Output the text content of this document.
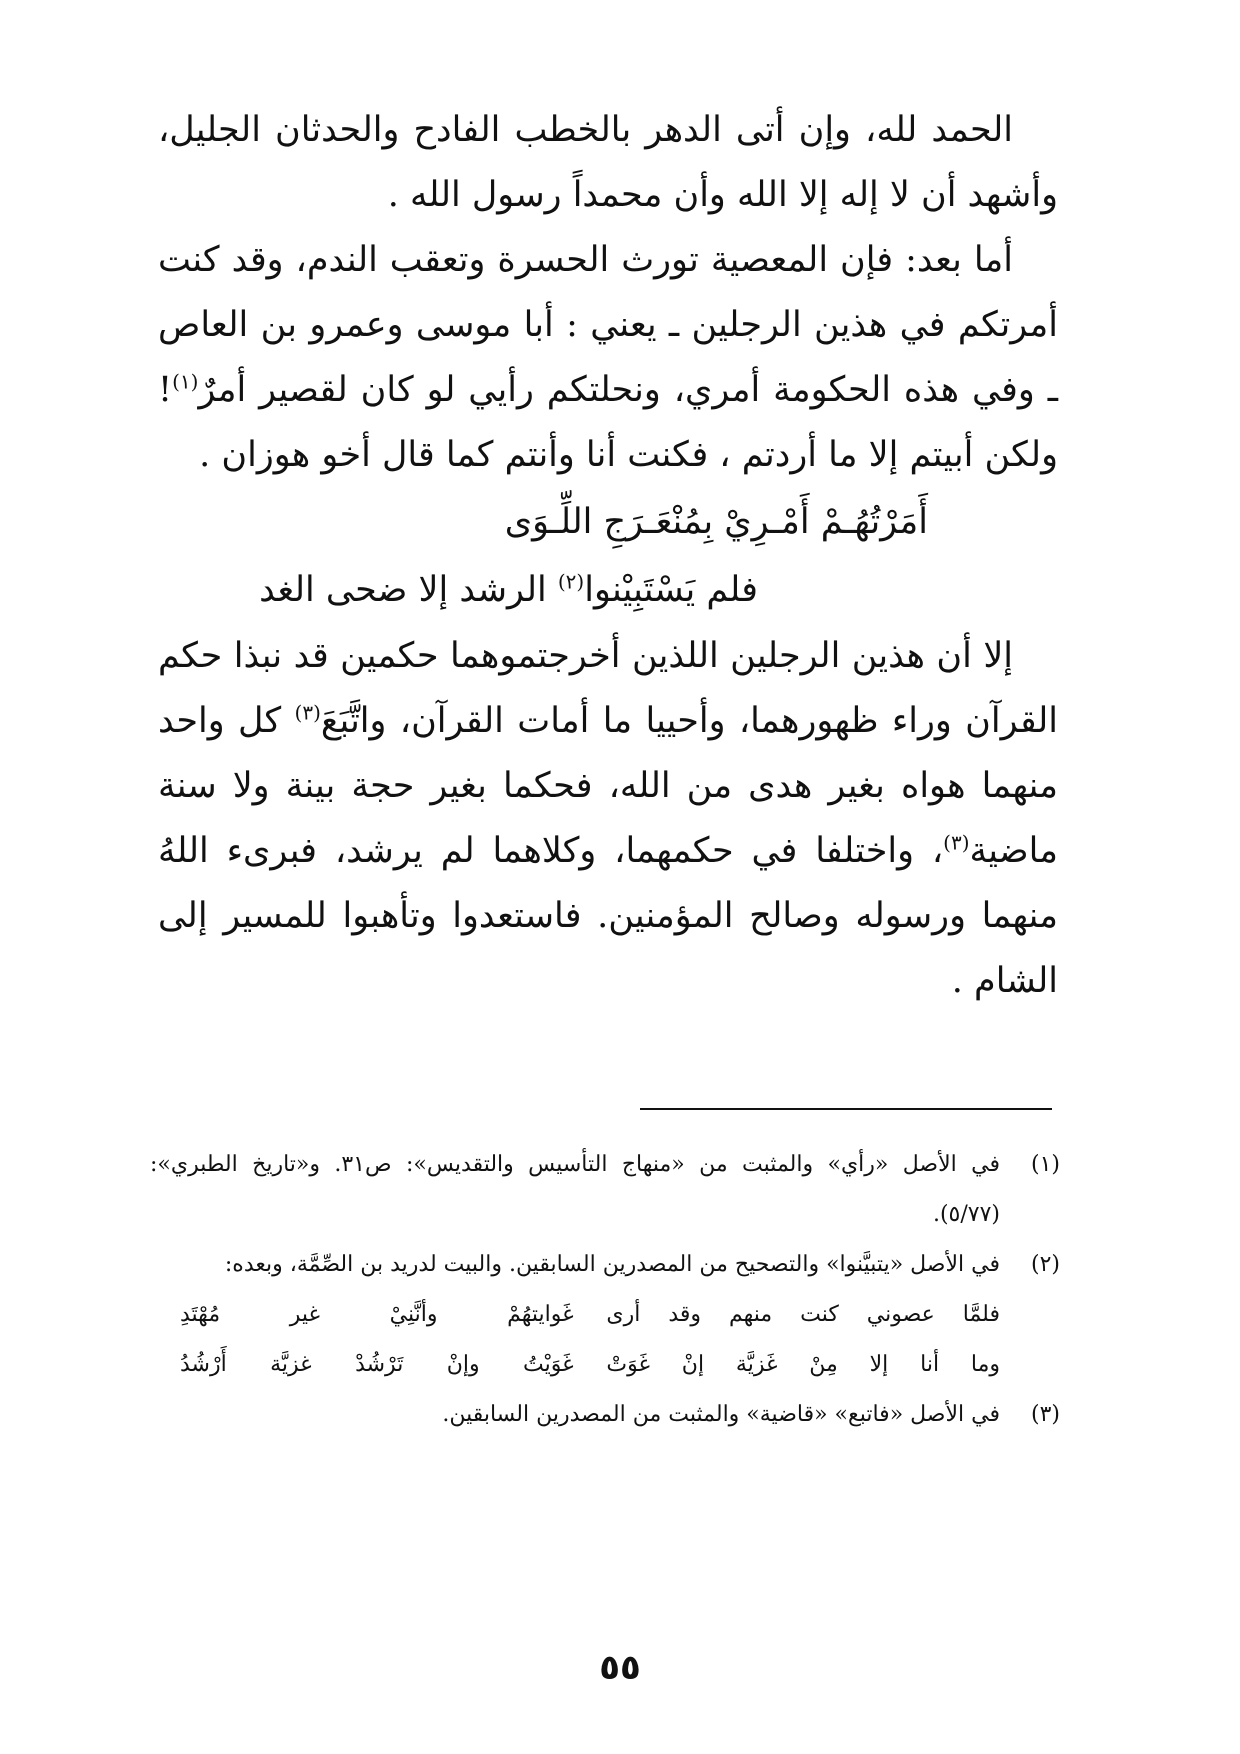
الحمد لله، وإن أتى الدهر بالخطب الفادح والحدثان الجليل، وأشهد أن لا إله إلا الله وأن محمداً رسول الله .

أما بعد: فإن المعصية تورث الحسرة وتعقب الندم، وقد كنت أمرتكم في هذين الرجلين ـ يعني : أبا موسى وعمرو بن العاص ـ وفي هذه الحكومة أمري، ونحلتكم رأيي لو كان لقصير أمرٌ$^{(١)}$! ولكن أبيتم إلا ما أردتم ، فكنت أنا وأنتم كما قال أخو هوزان .

أَمَرْتُهُـمْ أَمْـرِيْ بِمُنْعَـرَجِ اللِّـوَى

فلم يَسْتَبِيْنوا$^{(٢)}$ الرشد إلا ضحى الغد

إلا أن هذين الرجلين اللذين أخرجتموهما حكمين قد نبذا حكم القرآن وراء ظهورهما، وأحييا ما أمات القرآن، واتَّبَعَ$^{(٣)}$ كل واحد منهما هواه بغير هدى من الله، فحكما بغير حجة بينة ولا سنة ماضية$^{(٣)}$، واختلفا في حكمهما، وكلاهما لم يرشد، فبرىء اللهُ منهما ورسوله وصالح المؤمنين. فاستعدوا وتأهبوا للمسير إلى الشام .

(١)
في الأصل «رأي» والمثبت من «منهاج التأسيس والتقديس»: ص٣١. و«تاريخ الطبري»: (٥/٧٧).
(٢)
في الأصل «يتبيَّنوا» والتصحيح من المصدرين السابقين. والبيت لدريد بن الصِّمَّة، وبعده:
فلمَّا عصوني كنت منهم وقد أرى
غَوايتهُمْ وأنَّنِيْ غير مُهْتَدِ
وما أنا إلا مِنْ غَزيَّة إنْ غَوَتْ
غَوَيْتُ وإنْ تَرْشُدْ غزيَّة أَرْشُدُ
(٣)
في الأصل «فاتبع» «قاضية» والمثبت من المصدرين السابقين.
٥٥
